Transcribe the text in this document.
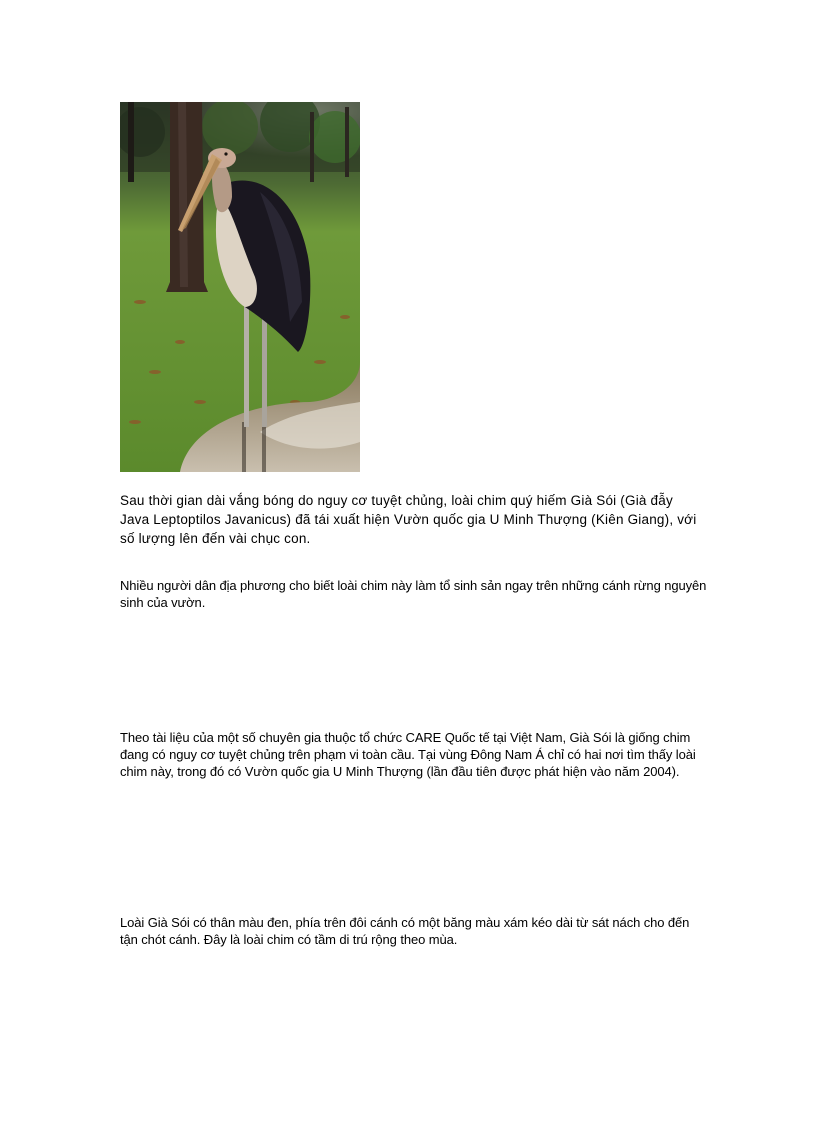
Sau thời gian dài vắng bóng do nguy cơ tuyệt chủng, loài chim quý hiếm Già Sói (Già đẫy Java Leptoptilos Javanicus) đã tái xuất hiện Vườn quốc gia U Minh Thượng (Kiên Giang), với số lượng lên đến vài chục con.

Nhiều người dân địa phương cho biết loài chim này làm tổ sinh sản ngay trên những cánh rừng nguyên sinh của vườn.

Theo tài liệu của một số chuyên gia thuộc tổ chức CARE Quốc tế tại Việt Nam, Già Sói là giống chim đang có nguy cơ tuyệt chủng trên phạm vi toàn cầu. Tại vùng Đông Nam Á chỉ có hai nơi tìm thấy loài chim này, trong đó có Vườn quốc gia U Minh Thượng (lần đầu tiên được phát hiện vào năm 2004).

Loài Già Sói có thân màu đen, phía trên đôi cánh có một băng màu xám kéo dài từ sát nách cho đến tận chót cánh. Đây là loài chim có tầm di trú rộng theo mùa.
